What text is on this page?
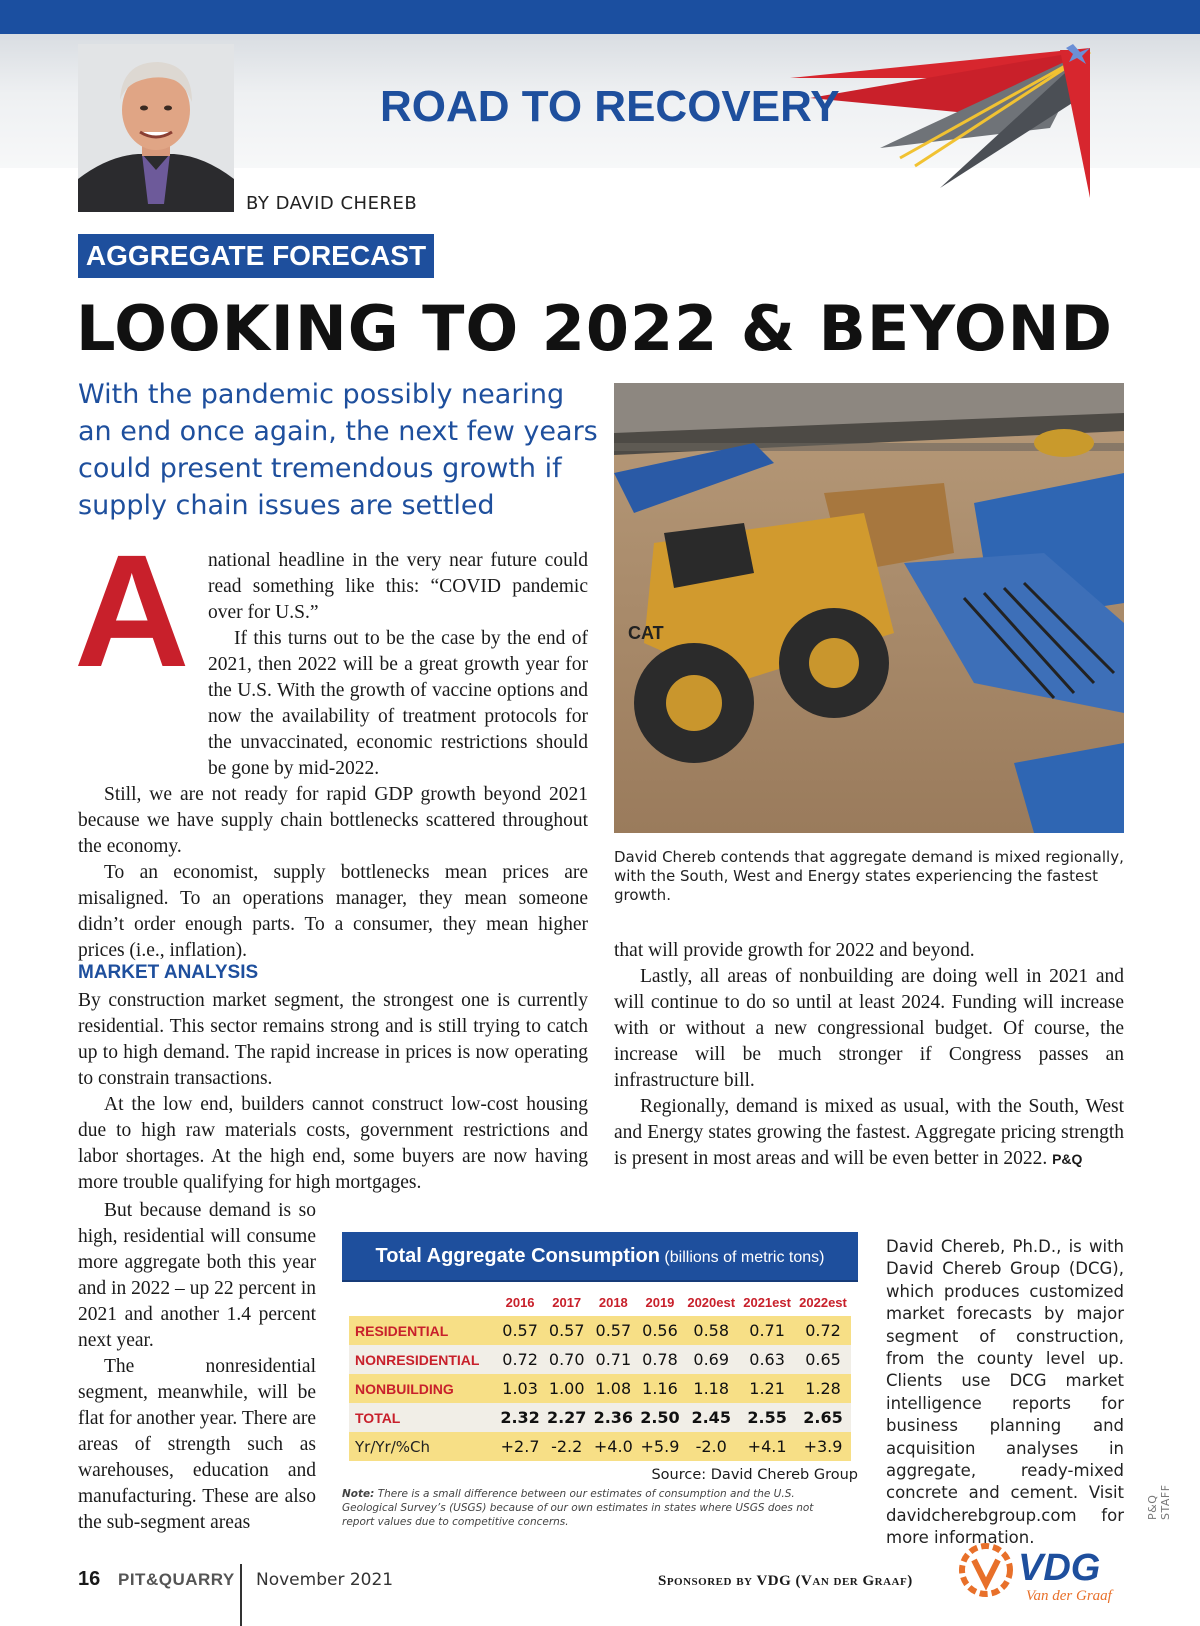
ROAD TO RECOVERY
BY DAVID CHEREB
AGGREGATE FORECAST
LOOKING TO 2022 & BEYOND
With the pandemic possibly nearing an end once again, the next few years could present tremendous growth if supply chain issues are settled
A national headline in the very near future could read something like this: “COVID pandemic over for U.S.”

If this turns out to be the case by the end of 2021, then 2022 will be a great growth year for the U.S. With the growth of vaccine options and now the availability of treatment protocols for the unvaccinated, economic restrictions should be gone by mid-2022.

Still, we are not ready for rapid GDP growth beyond 2021 because we have supply chain bottlenecks scattered throughout the economy.

To an economist, supply bottlenecks mean prices are misaligned. To an operations manager, they mean someone didn’t order enough parts. To a consumer, they mean higher prices (i.e., inflation).

MARKET ANALYSIS

By construction market segment, the strongest one is currently residential. This sector remains strong and is still trying to catch up to high demand. The rapid increase in prices is now operating to constrain transactions.

At the low end, builders cannot construct low-cost housing due to high raw materials costs, government restrictions and labor shortages. At the high end, some buyers are now having more trouble qualifying for high mortgages.

But because demand is so high, residential will consume more aggregate both this year and in 2022 – up 22 percent in 2021 and another 1.4 percent next year.

The nonresidential segment, meanwhile, will be flat for another year. There are areas of strength such as warehouses, education and manufacturing. These are also the sub-segment areas

CAT
David Chereb contends that aggregate demand is mixed regionally, with the South, West and Energy states experiencing the fastest growth.

that will provide growth for 2022 and beyond.

Lastly, all areas of nonbuilding are doing well in 2021 and will continue to do so until at least 2024. Funding will increase with or without a new congressional budget. Of course, the increase will be much stronger if Congress passes an infrastructure bill.

Regionally, demand is mixed as usual, with the South, West and Energy states growing the fastest. Aggregate pricing strength is present in most areas and will be even better in 2022. P&Q

Total Aggregate Consumption (billions of metric tons)
	2016	2017	2018	2019	2020est	2021est	2022est
RESIDENTIAL	0.57	0.57	0.57	0.56	0.58	0.71	0.72
NONRESIDENTIAL	0.72	0.70	0.71	0.78	0.69	0.63	0.65
NONBUILDING	1.03	1.00	1.08	1.16	1.18	1.21	1.28
TOTAL	2.32	2.27	2.36	2.50	2.45	2.55	2.65
Yr/Yr/%Ch	+2.7	-2.2	+4.0	+5.9	-2.0	+4.1	+3.9
Source: David Chereb Group
Note: There is a small difference between our estimates of consumption and the U.S. Geological Survey’s (USGS) because of our own estimates in states where USGS does not report values due to competitive concerns.
David Chereb, Ph.D., is with David Chereb Group (DCG), which produces customized market forecasts by major segment of construction, from the county level up. Clients use DCG market intelligence reports for business planning and acquisition analyses in aggregate, ready-mixed concrete and cement. Visit davidcherebgroup.com for more information.
P&Q STAFF
16 PIT&QUARRY November 2021	Sponsored by VDG (Van der Graaf)	VDG
Van der Graaf
